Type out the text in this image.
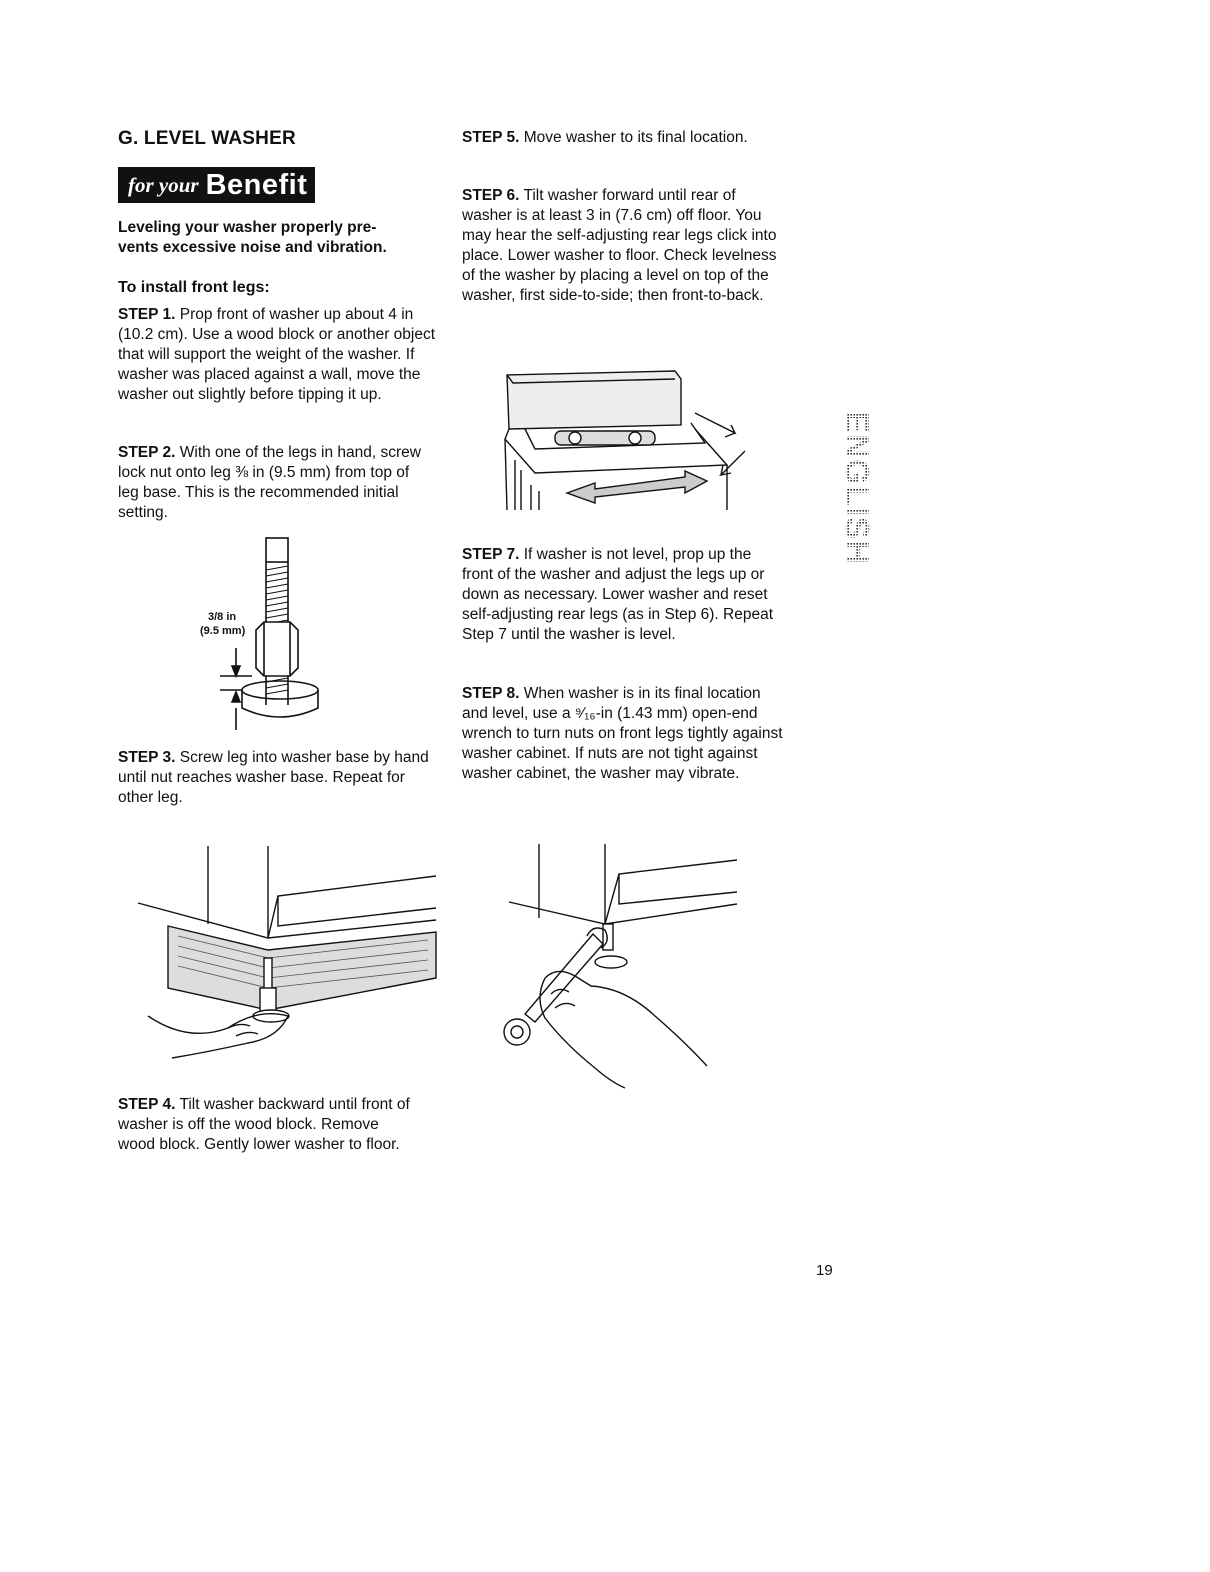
G. LEVEL WASHER
for your Benefit
Leveling your washer properly pre-
vents excessive noise and vibration.
To install front legs:
STEP 1. Prop front of washer up about 4 in (10.2 cm). Use a wood block or another object that will support the weight of the washer. If washer was placed against a wall, move the washer out slightly before tipping it up.
STEP 2. With one of the legs in hand, screw lock nut onto leg ⅜ in (9.5 mm) from top of leg base. This is the recommended initial setting.
3/8 in
(9.5 mm)
STEP 3. Screw leg into washer base by hand until nut reaches washer base. Repeat for other leg.
STEP 4. Tilt washer backward until front of washer is off the wood block. Remove wood block. Gently lower washer to floor.
STEP 5. Move washer to its final location.
STEP 6. Tilt washer forward until rear of washer is at least 3 in (7.6 cm) off floor. You may hear the self-adjusting rear legs click into place. Lower washer to floor. Check levelness of the washer by placing a level on top of the washer, first side-to-side; then front-to-back.
STEP 7. If washer is not level, prop up the front of the washer and adjust the legs up or down as necessary. Lower washer and reset self-adjusting rear legs (as in Step 6). Repeat Step 7 until the washer is level.
STEP 8. When washer is in its final location and level, use a ⁹⁄₁₆-in (1.43 mm) open-end wrench to turn nuts on front legs tightly against washer cabinet. If nuts are not tight against washer cabinet, the washer may vibrate.
ENGLISH
19
